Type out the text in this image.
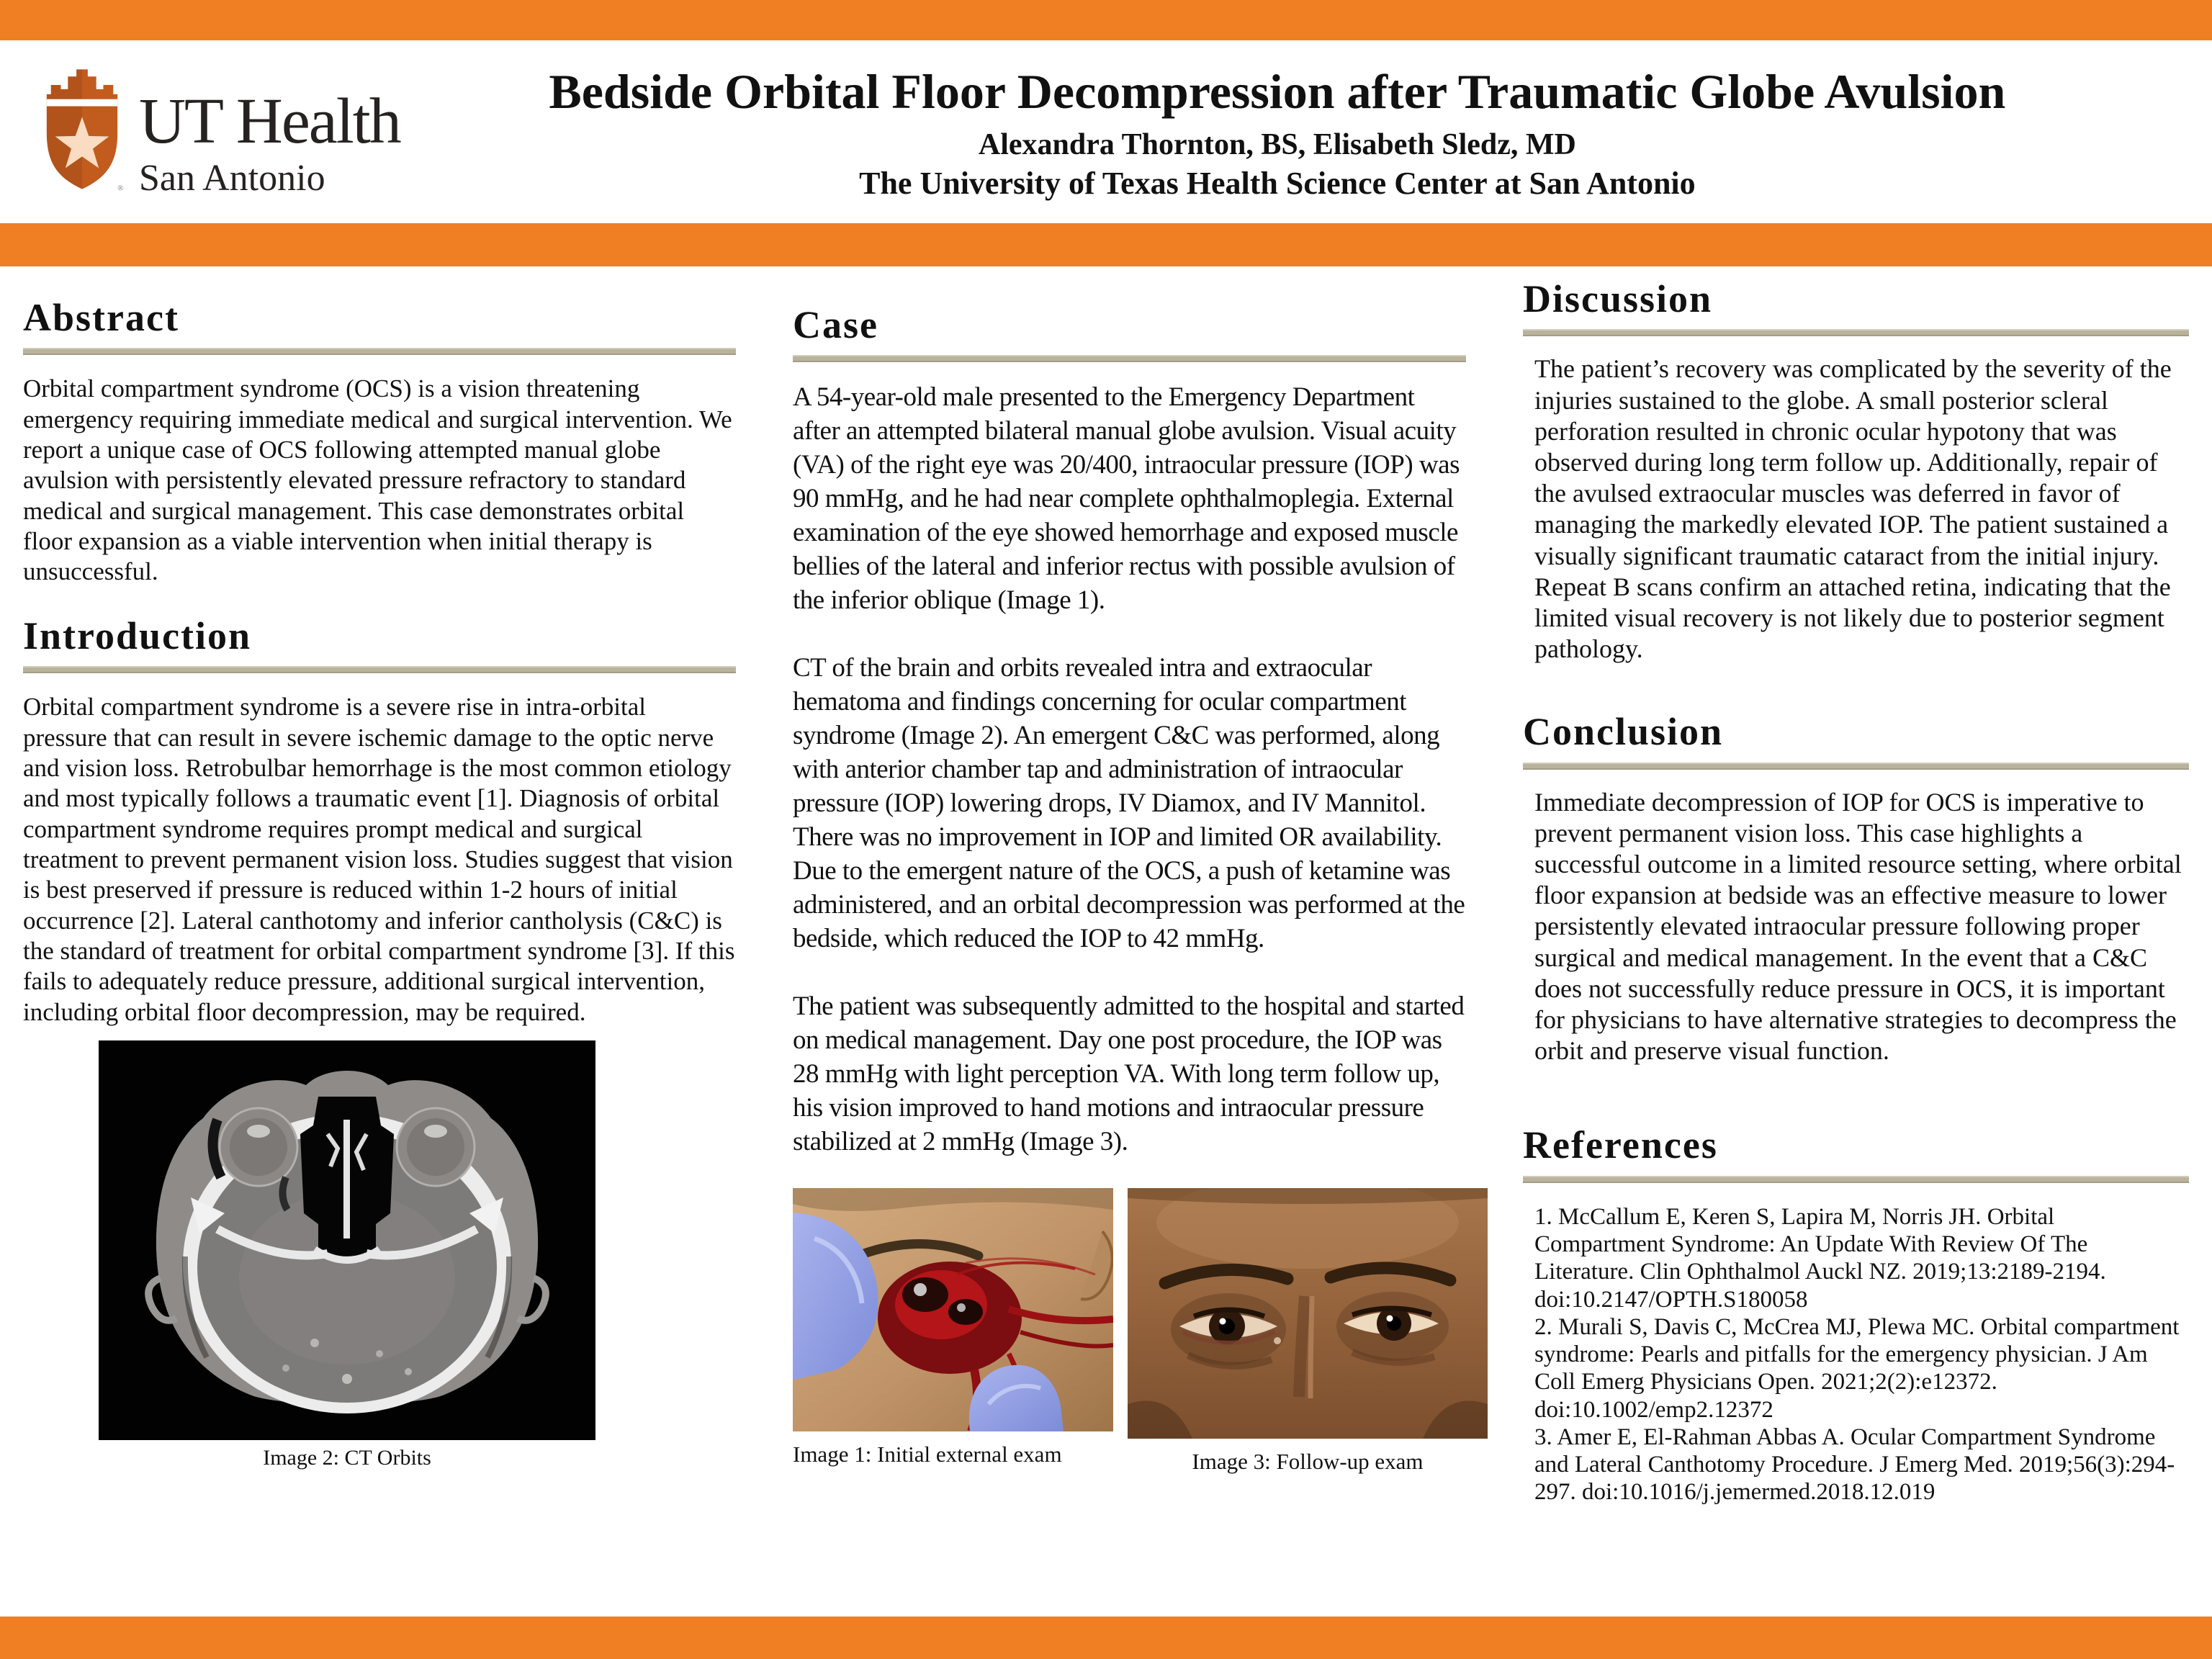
®
UT Health
San Antonio
Bedside Orbital Floor Decompression after Traumatic Globe Avulsion
Alexandra Thornton, BS, Elisabeth Sledz, MD
The University of Texas Health Science Center at San Antonio
Abstract

Orbital compartment syndrome (OCS) is a vision threatening emergency requiring immediate medical and surgical intervention. We report a unique case of OCS following attempted manual globe avulsion with persistently elevated pressure refractory to standard medical and surgical management. This case demonstrates orbital floor expansion as a viable intervention when initial therapy is unsuccessful.

Introduction

Orbital compartment syndrome is a severe rise in intra-orbital pressure that can result in severe ischemic damage to the optic nerve and vision loss. Retrobulbar hemorrhage is the most common etiology and most typically follows a traumatic event [1]. Diagnosis of orbital compartment syndrome requires prompt medical and surgical treatment to prevent permanent vision loss. Studies suggest that vision is best preserved if pressure is reduced within 1-2 hours of initial occurrence [2]. Lateral canthotomy and inferior cantholysis (C&C) is the standard of treatment for orbital compartment syndrome [3]. If this fails to adequately reduce pressure, additional surgical intervention, including orbital floor decompression, may be required.

Image 2: CT Orbits
Case

A 54-year-old male presented to the Emergency Department after an attempted bilateral manual globe avulsion. Visual acuity (VA) of the right eye was 20/400, intraocular pressure (IOP) was 90 mmHg, and he had near complete ophthalmoplegia. External examination of the eye showed hemorrhage and exposed muscle bellies of the lateral and inferior rectus with possible avulsion of the inferior oblique (Image 1).

CT of the brain and orbits revealed intra and extraocular hematoma and findings concerning for ocular compartment syndrome (Image 2). An emergent C&C was performed, along with anterior chamber tap and administration of intraocular pressure (IOP) lowering drops, IV Diamox, and IV Mannitol. There was no improvement in IOP and limited OR availability. Due to the emergent nature of the OCS, a push of ketamine was administered, and an orbital decompression was performed at the bedside, which reduced the IOP to 42 mmHg.

The patient was subsequently admitted to the hospital and started on medical management. Day one post procedure, the IOP was 28 mmHg with light perception VA. With long term follow up, his vision improved to hand motions and intraocular pressure stabilized at 2 mmHg (Image 3).

Image 1: Initial external exam	Image 3: Follow-up exam
Discussion

The patient’s recovery was complicated by the severity of the injuries sustained to the globe. A small posterior scleral perforation resulted in chronic ocular hypotony that was observed during long term follow up. Additionally, repair of the avulsed extraocular muscles was deferred in favor of managing the markedly elevated IOP. The patient sustained a visually significant traumatic cataract from the initial injury. Repeat B scans confirm an attached retina, indicating that the limited visual recovery is not likely due to posterior segment pathology.

Conclusion

Immediate decompression of IOP for OCS is imperative to prevent permanent vision loss. This case highlights a successful outcome in a limited resource setting, where orbital floor expansion at bedside was an effective measure to lower persistently elevated intraocular pressure following proper surgical and medical management. In the event that a C&C does not successfully reduce pressure in OCS, it is important for physicians to have alternative strategies to decompress the orbit and preserve visual function.

References

1. McCallum E, Keren S, Lapira M, Norris JH. Orbital Compartment Syndrome: An Update With Review Of The Literature. Clin Ophthalmol Auckl NZ. 2019;13:2189-2194. doi:10.2147/OPTH.S180058

2. Murali S, Davis C, McCrea MJ, Plewa MC. Orbital compartment syndrome: Pearls and pitfalls for the emergency physician. J Am Coll Emerg Physicians Open. 2021;2(2):e12372. doi:10.1002/emp2.12372

3. Amer E, El-Rahman Abbas A. Ocular Compartment Syndrome and Lateral Canthotomy Procedure. J Emerg Med. 2019;56(3):294-297. doi:10.1016/j.jemermed.2018.12.019
